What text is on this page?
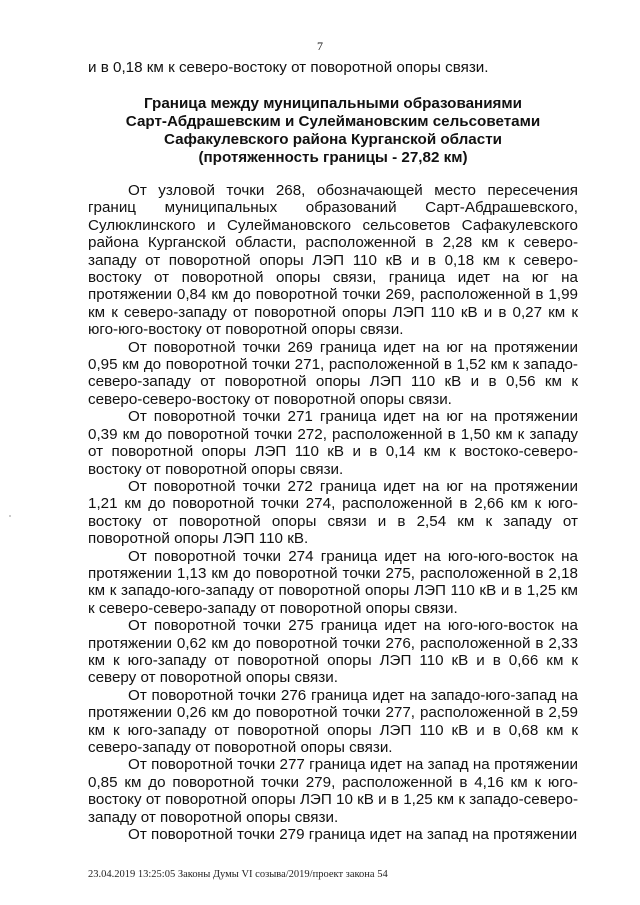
7
и в 0,18 км к северо-востоку от поворотной опоры связи.
Граница между муниципальными образованиями
Сарт-Абдрашевским и Сулеймановским сельсоветами
Сафакулевского района Курганской области
(протяженность границы - 27,82 км)

От узловой точки 268, обозначающей место пересечения границ муниципальных образований Сарт-Абдрашевского, Сулюклинского и Сулеймановского сельсоветов Сафакулевского района Курганской области, расположенной в 2,28 км к северо-западу от поворотной опоры ЛЭП 110 кВ и в 0,18 км к северо-востоку от поворотной опоры связи, граница идет на юг на протяжении 0,84 км до поворотной точки 269, расположенной в 1,99 км к северо-западу от поворотной опоры ЛЭП 110 кВ и в 0,27 км к юго-юго-востоку от поворотной опоры связи.

От поворотной точки 269 граница идет на юг на протяжении 0,95 км до поворотной точки 271, расположенной в 1,52 км к западо-северо-западу от поворотной опоры ЛЭП 110 кВ и в 0,56 км к северо-северо-востоку от поворотной опоры связи.

От поворотной точки 271 граница идет на юг на протяжении 0,39 км до поворотной точки 272, расположенной в 1,50 км к западу от поворотной опоры ЛЭП 110 кВ и в 0,14 км к востоко-северо-востоку от поворотной опоры связи.

От поворотной точки 272 граница идет на юг на протяжении 1,21 км до поворотной точки 274, расположенной в 2,66 км к юго-востоку от поворотной опоры связи и в 2,54 км к западу от поворотной опоры ЛЭП 110 кВ.

От поворотной точки 274 граница идет на юго-юго-восток на протяжении 1,13 км до поворотной точки 275, расположенной в 2,18 км к западо-юго-западу от поворотной опоры ЛЭП 110 кВ и в 1,25 км к северо-северо-западу от поворотной опоры связи.

От поворотной точки 275 граница идет на юго-юго-восток на протяжении 0,62 км до поворотной точки 276, расположенной в 2,33 км к юго-западу от поворотной опоры ЛЭП 110 кВ и в 0,66 км к северу от поворотной опоры связи.

От поворотной точки 276 граница идет на западо-юго-запад на протяжении 0,26 км до поворотной точки 277, расположенной в 2,59 км к юго-западу от поворотной опоры ЛЭП 110 кВ и в 0,68 км к северо-западу от поворотной опоры связи.

От поворотной точки 277 граница идет на запад на протяжении 0,85 км до поворотной точки 279, расположенной в 4,16 км к юго-востоку от поворотной опоры ЛЭП 10 кВ и в 1,25 км к западо-северо-западу от поворотной опоры связи.

От поворотной точки 279 граница идет на запад на протяжении

23.04.2019 13:25:05 Законы Думы VI созыва/2019/проект закона 54
